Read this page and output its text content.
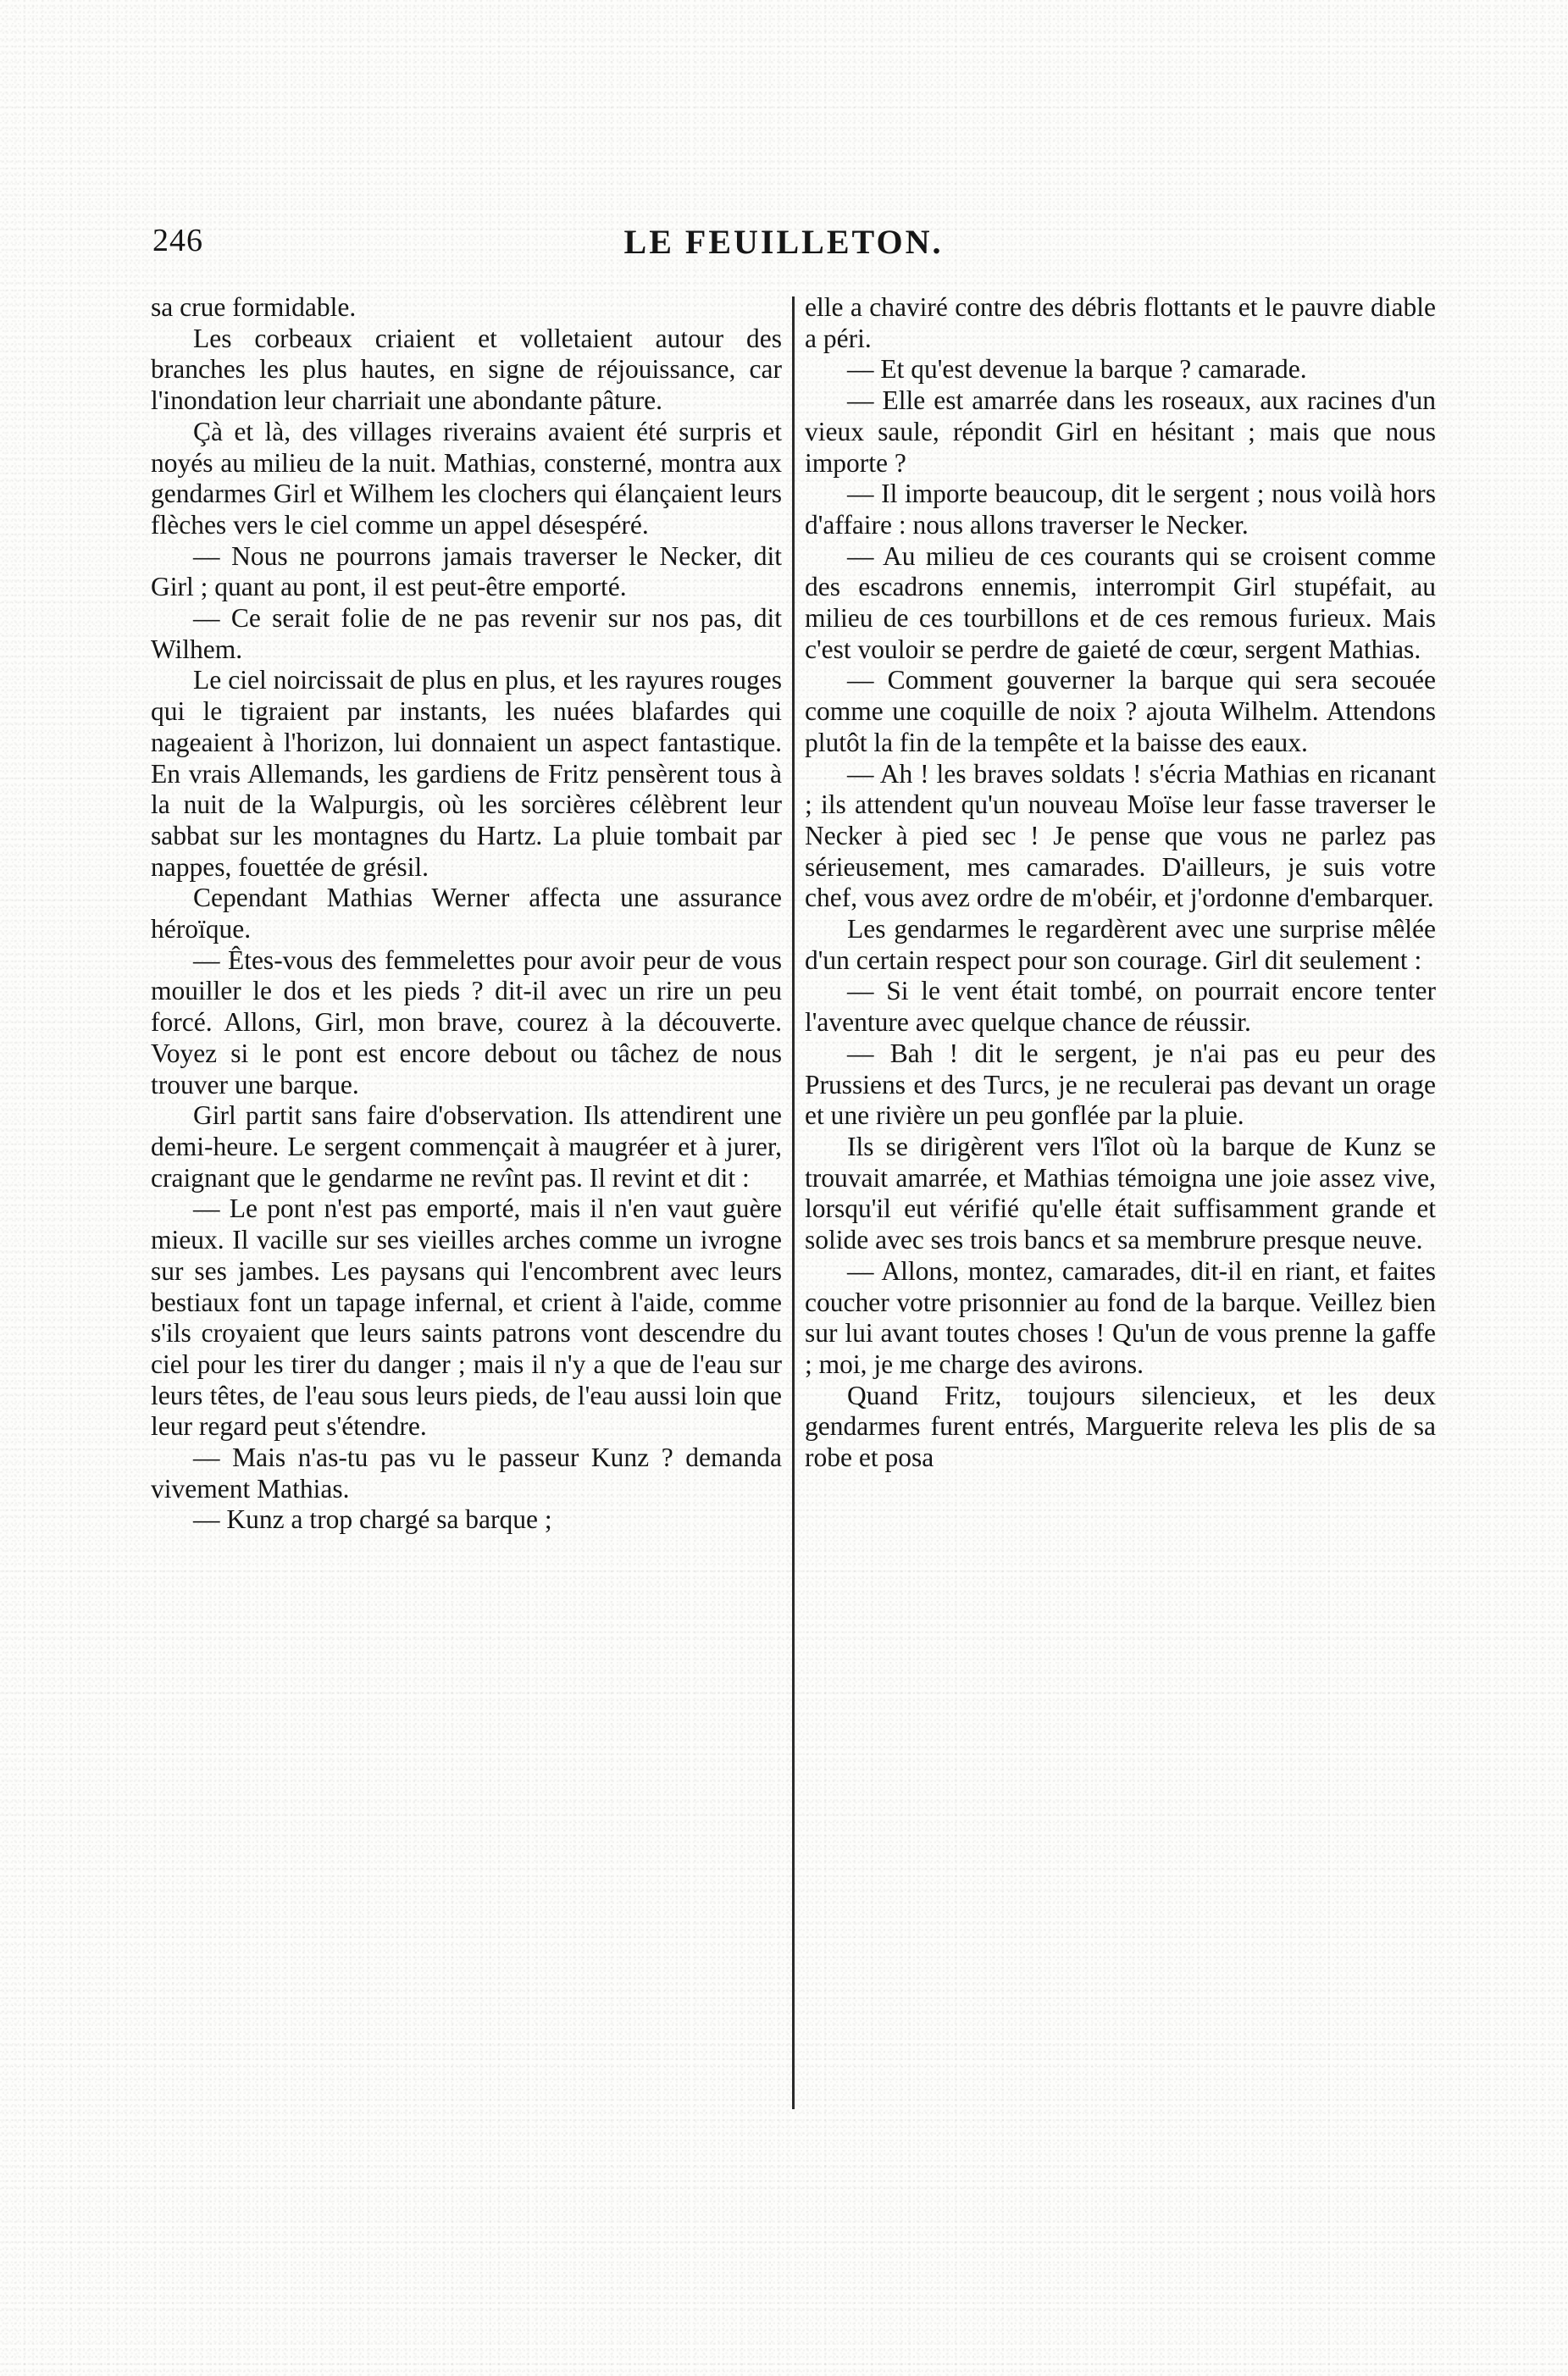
246	LE FEUILLETON.

sa crue formidable.

Les corbeaux criaient et volletaient autour des branches les plus hautes, en signe de réjouissance, car l'inondation leur charriait une abondante pâture.

Çà et là, des villages riverains avaient été surpris et noyés au milieu de la nuit. Mathias, consterné, montra aux gendarmes Girl et Wilhem les clochers qui élançaient leurs flèches vers le ciel comme un appel désespéré.

— Nous ne pourrons jamais traverser le Necker, dit Girl ; quant au pont, il est peut-être emporté.

— Ce serait folie de ne pas revenir sur nos pas, dit Wilhem.

Le ciel noircissait de plus en plus, et les rayures rouges qui le tigraient par instants, les nuées blafardes qui nageaient à l'horizon, lui donnaient un aspect fantastique. En vrais Allemands, les gardiens de Fritz pensèrent tous à la nuit de la Walpurgis, où les sorcières célèbrent leur sabbat sur les montagnes du Hartz. La pluie tombait par nappes, fouettée de grésil.

Cependant Mathias Werner affecta une assurance héroïque.

— Êtes-vous des femmelettes pour avoir peur de vous mouiller le dos et les pieds ? dit-il avec un rire un peu forcé. Allons, Girl, mon brave, courez à la découverte. Voyez si le pont est encore debout ou tâchez de nous trouver une barque.

Girl partit sans faire d'observation. Ils attendirent une demi-heure. Le sergent commençait à maugréer et à jurer, craignant que le gendarme ne revînt pas. Il revint et dit :

— Le pont n'est pas emporté, mais il n'en vaut guère mieux. Il vacille sur ses vieilles arches comme un ivrogne sur ses jambes. Les paysans qui l'encombrent avec leurs bestiaux font un tapage infernal, et crient à l'aide, comme s'ils croyaient que leurs saints patrons vont descendre du ciel pour les tirer du danger ; mais il n'y a que de l'eau sur leurs têtes, de l'eau sous leurs pieds, de l'eau aussi loin que leur regard peut s'étendre.

— Mais n'as-tu pas vu le passeur Kunz ? demanda vivement Mathias.

— Kunz a trop chargé sa barque ;

elle a chaviré contre des débris flottants et le pauvre diable a péri.

— Et qu'est devenue la barque ? camarade.

— Elle est amarrée dans les roseaux, aux racines d'un vieux saule, répondit Girl en hésitant ; mais que nous importe ?

— Il importe beaucoup, dit le sergent ; nous voilà hors d'affaire : nous allons traverser le Necker.

— Au milieu de ces courants qui se croisent comme des escadrons ennemis, interrompit Girl stupéfait, au milieu de ces tourbillons et de ces remous furieux. Mais c'est vouloir se perdre de gaieté de cœur, sergent Mathias.

— Comment gouverner la barque qui sera secouée comme une coquille de noix ? ajouta Wilhelm. Attendons plutôt la fin de la tempête et la baisse des eaux.

— Ah ! les braves soldats ! s'écria Mathias en ricanant ; ils attendent qu'un nouveau Moïse leur fasse traverser le Necker à pied sec ! Je pense que vous ne parlez pas sérieusement, mes camarades. D'ailleurs, je suis votre chef, vous avez ordre de m'obéir, et j'ordonne d'embarquer.

Les gendarmes le regardèrent avec une surprise mêlée d'un certain respect pour son courage. Girl dit seulement :

— Si le vent était tombé, on pourrait encore tenter l'aventure avec quelque chance de réussir.

— Bah ! dit le sergent, je n'ai pas eu peur des Prussiens et des Turcs, je ne reculerai pas devant un orage et une rivière un peu gonflée par la pluie.

Ils se dirigèrent vers l'îlot où la barque de Kunz se trouvait amarrée, et Mathias témoigna une joie assez vive, lorsqu'il eut vérifié qu'elle était suffisamment grande et solide avec ses trois bancs et sa membrure presque neuve.

— Allons, montez, camarades, dit-il en riant, et faites coucher votre prisonnier au fond de la barque. Veillez bien sur lui avant toutes choses ! Qu'un de vous prenne la gaffe ; moi, je me charge des avirons.

Quand Fritz, toujours silencieux, et les deux gendarmes furent entrés, Marguerite releva les plis de sa robe et posa
